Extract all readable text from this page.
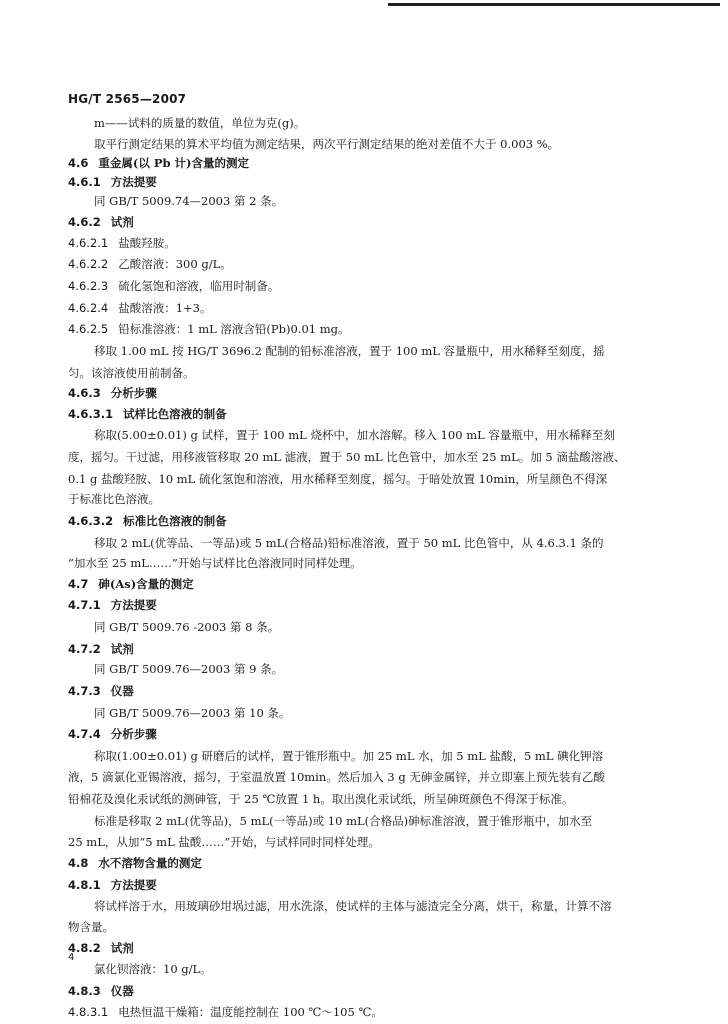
HG/T 2565—2007
m——试料的质量的数值，单位为克(g)。
取平行测定结果的算术平均值为测定结果，两次平行测定结果的绝对差值不大于 0.003 %。
4.6 重金属(以 Pb 计)含量的测定
4.6.1 方法提要
同 GB/T 5009.74—2003 第 2 条。
4.6.2 试剂
4.6.2.1 盐酸羟胺。
4.6.2.2 乙酸溶液：300 g/L。
4.6.2.3 硫化氢饱和溶液，临用时制备。
4.6.2.4 盐酸溶液：1+3。
4.6.2.5 铅标准溶液：1 mL 溶液含铅(Pb)0.01 mg。
移取 1.00 mL 按 HG/T 3696.2 配制的铅标准溶液，置于 100 mL 容量瓶中，用水稀释至刻度，摇
匀。该溶液使用前制备。
4.6.3 分析步骤
4.6.3.1 试样比色溶液的制备
称取(5.00±0.01) g 试样，置于 100 mL 烧杯中，加水溶解。移入 100 mL 容量瓶中，用水稀释至刻
度，摇匀。干过滤，用移液管移取 20 mL 滤液，置于 50 mL 比色管中，加水至 25 mL。加 5 滴盐酸溶液、
0.1 g 盐酸羟胺、10 mL 硫化氢饱和溶液，用水稀释至刻度，摇匀。于暗处放置 10min，所呈颜色不得深
于标准比色溶液。
4.6.3.2 标准比色溶液的制备
移取 2 mL(优等品、一等品)或 5 mL(合格品)铅标准溶液，置于 50 mL 比色管中，从 4.6.3.1 条的
“加水至 25 mL……”开始与试样比色溶液同时同样处理。
4.7 砷(As)含量的测定
4.7.1 方法提要
同 GB/T 5009.76 -2003 第 8 条。
4.7.2 试剂
同 GB/T 5009.76—2003 第 9 条。
4.7.3 仪器
同 GB/T 5009.76—2003 第 10 条。
4.7.4 分析步骤
称取(1.00±0.01) g 研磨后的试样，置于锥形瓶中。加 25 mL 水，加 5 mL 盐酸，5 mL 碘化钾溶
液，5 滴氯化亚锡溶液，摇匀，于室温放置 10min。然后加入 3 g 无砷金属锌，并立即塞上预先装有乙酸
铅棉花及溴化汞试纸的测砷管，于 25 ℃放置 1 h。取出溴化汞试纸，所呈砷斑颜色不得深于标准。
标准是移取 2 mL(优等品)，5 mL(一等品)或 10 mL(合格品)砷标准溶液，置于锥形瓶中，加水至
25 mL，从加“5 mL 盐酸……”开始，与试样同时同样处理。
4.8 水不溶物含量的测定
4.8.1 方法提要
将试样溶于水，用玻璃砂坩埚过滤，用水洗涤，使试样的主体与滤渣完全分离，烘干，称量，计算不溶
物含量。
4.8.2 试剂
氯化钡溶液：10 g/L。
4.8.3 仪器
4.8.3.1 电热恒温干燥箱：温度能控制在 100 ℃～105 ℃。
4
